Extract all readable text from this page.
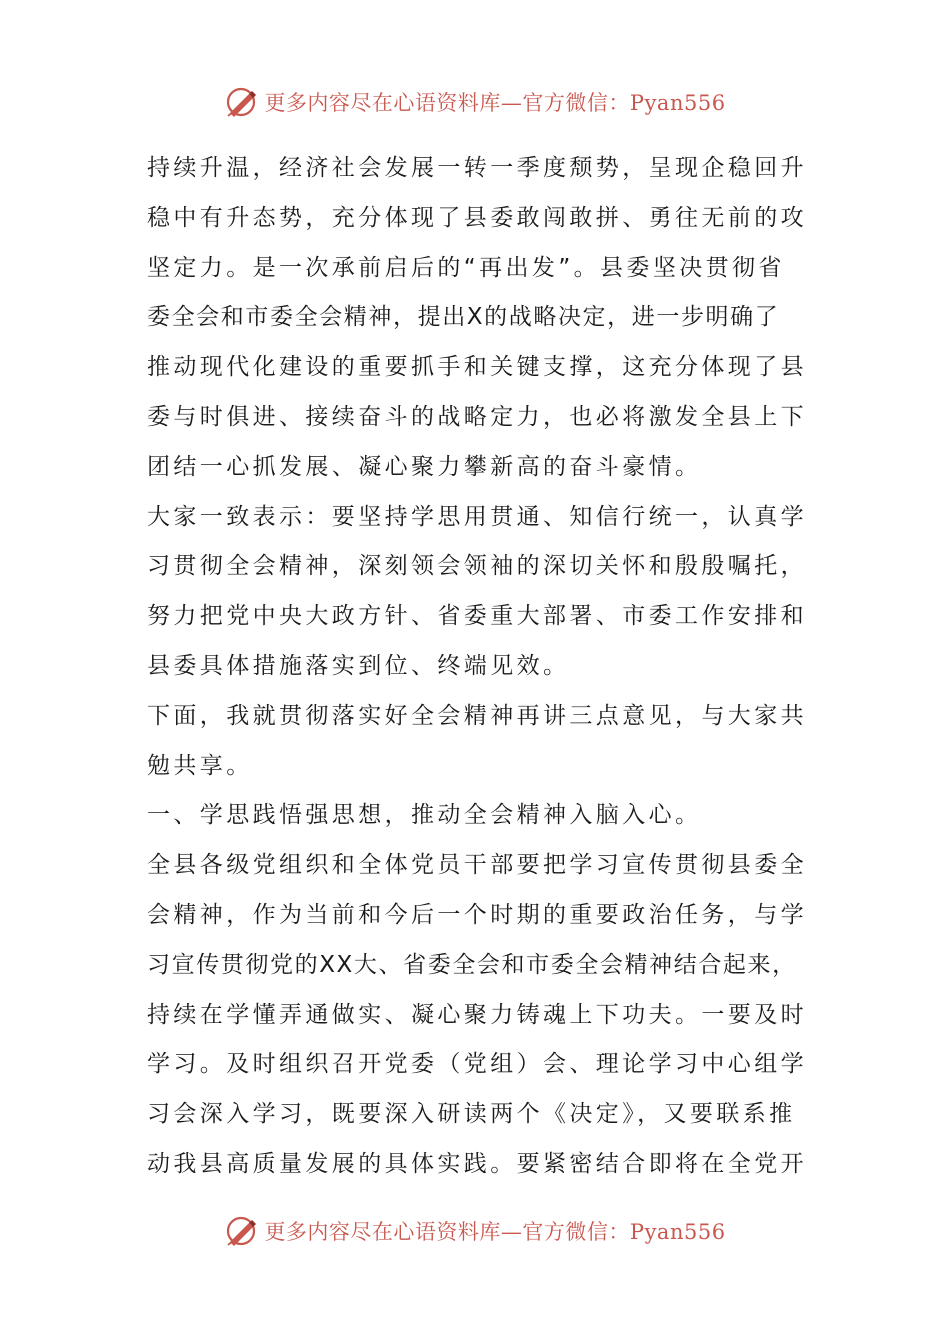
更多内容尽在心语资料库—官方微信：Pyan556
持续升温，经济社会发展一转一季度颓势，呈现企稳回升
稳中有升态势，充分体现了县委敢闯敢拼、勇往无前的攻
坚定力。是一次承前启后的“再出发”。县委坚决贯彻省
委全会和市委全会精神，提出X的战略决定，进一步明确了
推动现代化建设的重要抓手和关键支撑，这充分体现了县
委与时俱进、接续奋斗的战略定力，也必将激发全县上下
团结一心抓发展、凝心聚力攀新高的奋斗豪情。
大家一致表示：要坚持学思用贯通、知信行统一，认真学
习贯彻全会精神，深刻领会领袖的深切关怀和殷殷嘱托，
努力把党中央大政方针、省委重大部署、市委工作安排和
县委具体措施落实到位、终端见效。
下面，我就贯彻落实好全会精神再讲三点意见，与大家共
勉共享。
一、学思践悟强思想，推动全会精神入脑入心。
全县各级党组织和全体党员干部要把学习宣传贯彻县委全
会精神，作为当前和今后一个时期的重要政治任务，与学
习宣传贯彻党的XX大、省委全会和市委全会精神结合起来，
持续在学懂弄通做实、凝心聚力铸魂上下功夫。一要及时
学习。及时组织召开党委（党组）会、理论学习中心组学
习会深入学习，既要深入研读两个《决定》，又要联系推
动我县高质量发展的具体实践。要紧密结合即将在全党开
更多内容尽在心语资料库—官方微信：Pyan556
